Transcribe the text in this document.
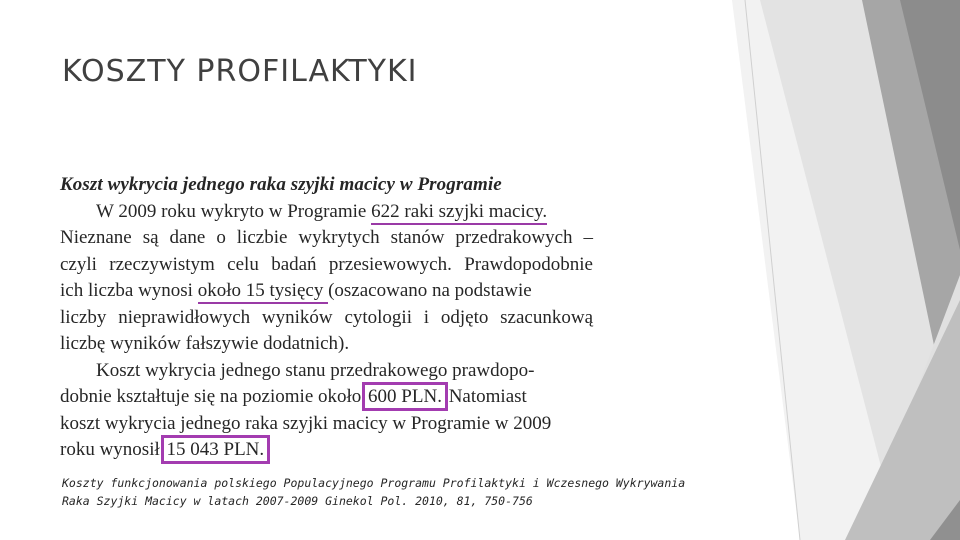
KOSZTY PROFILAKTYKI
Koszt wykrycia jednego raka szyjki macicy w Programie
W 2009 roku wykryto w Programie 622 raki szyjki macicy.
Nieznane są dane o liczbie wykrytych stanów przedrakowych –
czyli rzeczywistym celu badań przesiewowych. Prawdopodobnie
ich liczba wynosi około 15 tysięcy (oszacowano na podstawie
liczby nieprawidłowych wyników cytologii i odjęto szacunkową
liczbę wyników fałszywie dodatnich).
Koszt wykrycia jednego stanu przedrakowego prawdopo-
dobnie kształtuje się na poziomie około 600 PLN. Natomiast
koszt wykrycia jednego raka szyjki macicy w Programie w 2009
roku wynosił 15 043 PLN.
Koszty funkcjonowania polskiego Populacyjnego Programu Profilaktyki i Wczesnego Wykrywania Raka Szyjki Macicy w latach 2007-2009 Ginekol Pol. 2010, 81, 750-756
